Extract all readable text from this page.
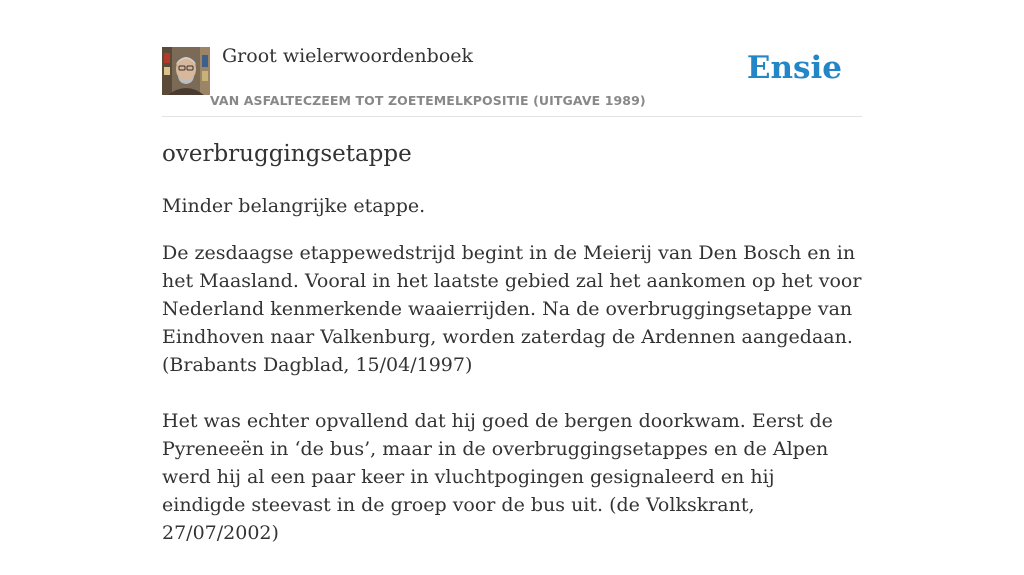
Groot wielerwoordenboek
VAN ASFALTECZEEM TOT ZOETEMELKPOSITIE (UITGAVE 1989)
Ensie
overbruggingsetappe

Minder belangrijke etappe.

De zesdaagse etappewedstrijd begint in de Meierij van Den Bosch en in het Maasland. Vooral in het laatste gebied zal het aankomen op het voor Nederland kenmerkende waaierrijden. Na de overbruggingsetappe van Eindhoven naar Valkenburg, worden zaterdag de Ardennen aangedaan. (Brabants Dagblad, 15/04/1997)

Het was echter opvallend dat hij goed de bergen doorkwam. Eerst de Pyreneeën in ‘de bus’, maar in de overbruggingsetappes en de Alpen werd hij al een paar keer in vluchtpogingen gesignaleerd en hij eindigde steevast in de groep voor de bus uit. (de Volkskrant, 27/07/2002)
